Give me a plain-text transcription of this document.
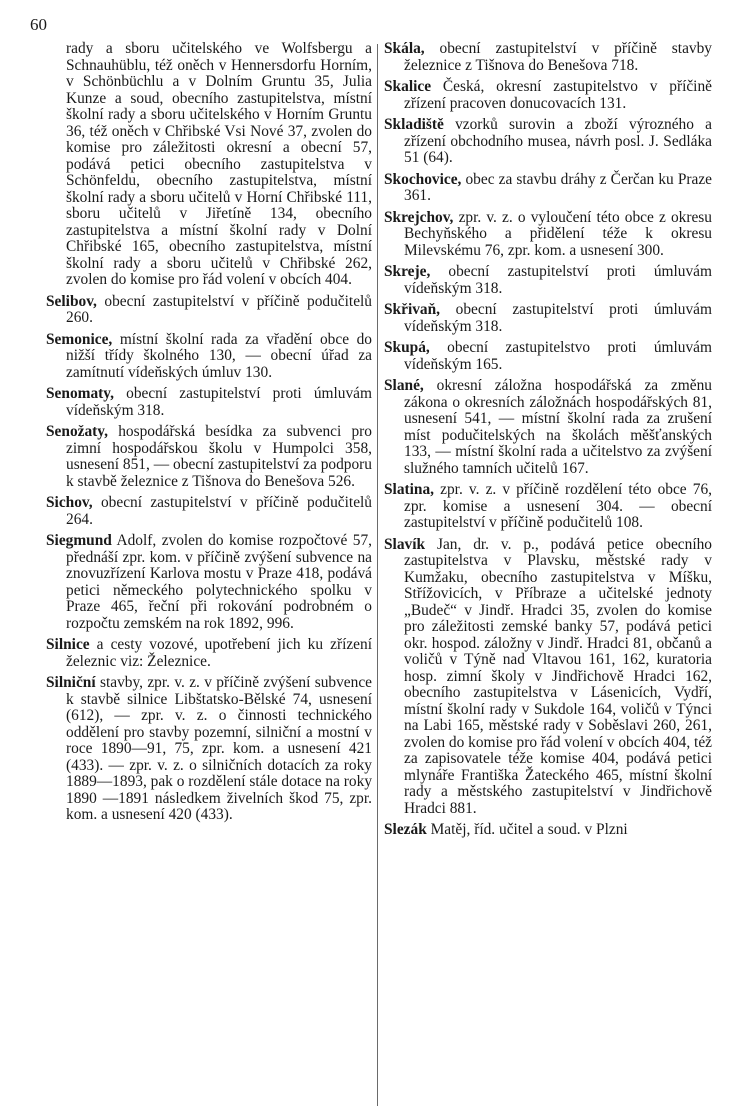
60

rady a sboru učitelského ve Wolfsbergu a Schnauhüblu, též oněch v Hennersdorfu Horním, v Schönbüchlu a v Dolním Gruntu 35, Julia Kunze a soud, obecního zastupitelstva, místní školní rady a sboru učitelského v Horním Gruntu 36, též oněch v Chřibské Vsi Nové 37, zvolen do komise pro záležitosti okresní a obecní 57, podává petici obecního zastupitelstva v Schönfeldu, obecního zastupitelstva, místní školní rady a sboru učitelů v Horní Chřibské 111, sboru učitelů v Jiřetíně 134, obecního zastupitelstva a místní školní rady v Dolní Chřibské 165, obecního zastupitelstva, místní školní rady a sboru učitelů v Chřibské 262, zvolen do komise pro řád volení v obcích 404.

Selibov, obecní zastupitelství v příčině podučitelů 260.

Semonice, místní školní rada za vřadění obce do nižší třídy školného 130, — obecní úřad za zamítnutí vídeňských úmluv 130.

Senomaty, obecní zastupitelství proti úmluvám vídeňským 318.

Senožaty, hospodářská besídka za subvenci pro zimní hospodářskou školu v Humpolci 358, usnesení 851, — obecní zastupitelství za podporu k stavbě železnice z Tišnova do Benešova 526.

Sichov, obecní zastupitelství v příčině podučitelů 264.

Siegmund Adolf, zvolen do komise rozpočtové 57, přednáší zpr. kom. v příčině zvýšení subvence na znovuzřízení Karlova mostu v Praze 418, podává petici německého polytechnického spolku v Praze 465, řeční při rokování podrobném o rozpočtu zemském na rok 1892, 996.

Silnice a cesty vozové, upotřebení jich ku zřízení železnic viz: Železnice.

Silniční stavby, zpr. v. z. v příčině zvýšení subvence k stavbě silnice Libštatsko-Bělské 74, usnesení (612), — zpr. v. z. o činnosti technického oddělení pro stavby pozemní, silniční a mostní v roce 1890—91, 75, zpr. kom. a usnesení 421 (433). — zpr. v. z. o silničních dotacích za roky 1889—1893, pak o rozdělení stále dotace na roky 1890 —1891 následkem živelních škod 75, zpr. kom. a usnesení 420 (433).

Skála, obecní zastupitelství v příčině stavby železnice z Tišnova do Benešova 718.

Skalice Česká, okresní zastupitelstvo v příčině zřízení pracoven donucovacích 131.

Skladiště vzorků surovin a zboží výrozného a zřízení obchodního musea, návrh posl. J. Sedláka 51 (64).

Skochovice, obec za stavbu dráhy z Čerčan ku Praze 361.

Skrejchov, zpr. v. z. o vyloučení této obce z okresu Bechyňského a přidělení téže k okresu Milevskému 76, zpr. kom. a usnesení 300.

Skreje, obecní zastupitelství proti úmluvám vídeňským 318.

Skřivaň, obecní zastupitelství proti úmluvám vídeňským 318.

Skupá, obecní zastupitelstvo proti úmluvám vídeňským 165.

Slané, okresní záložna hospodářská za změnu zákona o okresních záložnách hospodářských 81, usnesení 541, — místní školní rada za zrušení míst podučitelských na školách měšťanských 133, — místní školní rada a učitelstvo za zvýšení služného tamních učitelů 167.

Slatina, zpr. v. z. v příčině rozdělení této obce 76, zpr. komise a usnesení 304. — obecní zastupitelství v příčině podučitelů 108.

Slavík Jan, dr. v. p., podává petice obecního zastupitelstva v Plavsku, městské rady v Kumžaku, obecního zastupitelstva v Míšku, Střížovicích, v Příbraze a učitelské jednoty „Budeč“ v Jindř. Hradci 35, zvolen do komise pro záležitosti zemské banky 57, podává petici okr. hospod. záložny v Jindř. Hradci 81, občanů a voličů v Týně nad Vltavou 161, 162, kuratoria hosp. zimní školy v Jindřichově Hradci 162, obecního zastupitelstva v Lásenicích, Vydří, místní školní rady v Sukdole 164, voličů v Týnci na Labi 165, městské rady v Soběslavi 260, 261, zvolen do komise pro řád volení v obcích 404, též za zapisovatele téže komise 404, podává petici mlynáře Františka Žateckého 465, místní školní rady a městského zastupitelství v Jindřichově Hradci 881.

Slezák Matěj, říd. učitel a soud. v Plzni
